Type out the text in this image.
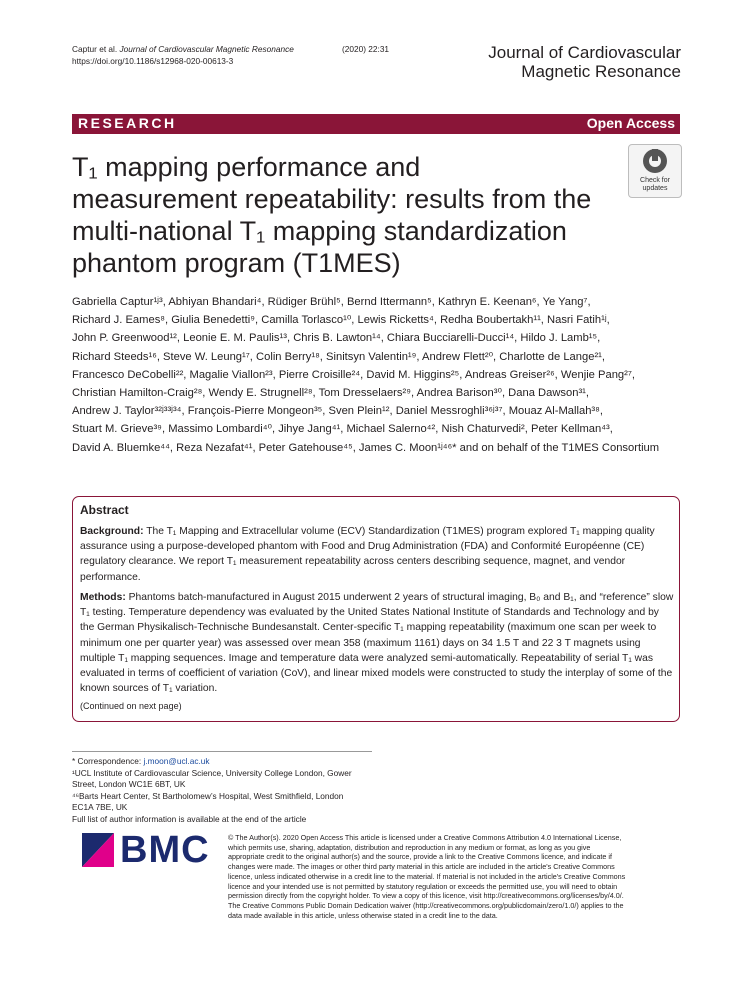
Captur et al. Journal of Cardiovascular Magnetic Resonance	(2020) 22:31
https://doi.org/10.1186/s12968-020-00613-3	Journal of Cardiovascular
Magnetic Resonance
RESEARCH	Open Access
T₁ mapping performance and
measurement repeatability: results from the
multi-national T₁ mapping standardization
phantom program (T1MES)
Check for
updates
Gabriella Captur¹ʲ³, Abhiyan Bhandari⁴, Rüdiger Brühl⁵, Bernd Ittermann⁵, Kathryn E. Keenan⁶, Ye Yang⁷, Richard J. Eames⁸, Giulia Benedetti⁹, Camilla Torlasco¹⁰, Lewis Ricketts⁴, Redha Boubertakh¹¹, Nasri Fatih¹ʲ, John P. Greenwood¹², Leonie E. M. Paulis¹³, Chris B. Lawton¹⁴, Chiara Bucciarelli-Ducci¹⁴, Hildo J. Lamb¹⁵, Richard Steeds¹⁶, Steve W. Leung¹⁷, Colin Berry¹⁸, Sinitsyn Valentin¹⁹, Andrew Flett²⁰, Charlotte de Lange²¹, Francesco DeCobelli²², Magalie Viallon²³, Pierre Croisille²⁴, David M. Higgins²⁵, Andreas Greiser²⁶, Wenjie Pang²⁷, Christian Hamilton-Craig²⁸, Wendy E. Strugnell²⁸, Tom Dresselaers²⁹, Andrea Barison³⁰, Dana Dawson³¹, Andrew J. Taylor³²ʲ³³ʲ³⁴, François-Pierre Mongeon³⁵, Sven Plein¹², Daniel Messroghli³⁶ʲ³⁷, Mouaz Al-Mallah³⁸, Stuart M. Grieve³⁹, Massimo Lombardi⁴⁰, Jihye Jang⁴¹, Michael Salerno⁴², Nish Chaturvedi², Peter Kellman⁴³, David A. Bluemke⁴⁴, Reza Nezafat⁴¹, Peter Gatehouse⁴⁵, James C. Moon¹ʲ⁴⁶* and on behalf of the T1MES Consortium
Abstract
Background: The T₁ Mapping and Extracellular volume (ECV) Standardization (T1MES) program explored T₁ mapping quality assurance using a purpose-developed phantom with Food and Drug Administration (FDA) and Conformité Européenne (CE) regulatory clearance. We report T₁ measurement repeatability across centers describing sequence, magnet, and vendor performance.
Methods: Phantoms batch-manufactured in August 2015 underwent 2 years of structural imaging, B₀ and B₁, and “reference” slow T₁ testing. Temperature dependency was evaluated by the United States National Institute of Standards and Technology and by the German Physikalisch-Technische Bundesanstalt. Center-specific T₁ mapping repeatability (maximum one scan per week to minimum one per quarter year) was assessed over mean 358 (maximum 1161) days on 34 1.5 T and 22 3 T magnets using multiple T₁ mapping sequences. Image and temperature data were analyzed semi-automatically. Repeatability of serial T₁ was evaluated in terms of coefficient of variation (CoV), and linear mixed models were constructed to study the interplay of some of the known sources of T₁ variation.
(Continued on next page)
* Correspondence: j.moon@ucl.ac.uk
¹UCL Institute of Cardiovascular Science, University College London, Gower
Street, London WC1E 6BT, UK
⁴⁶Barts Heart Center, St Bartholomew’s Hospital, West Smithfield, London
EC1A 7BE, UK
Full list of author information is available at the end of the article
BMC	© The Author(s). 2020 Open Access This article is licensed under a Creative Commons Attribution 4.0 International License,
which permits use, sharing, adaptation, distribution and reproduction in any medium or format, as long as you give
appropriate credit to the original author(s) and the source, provide a link to the Creative Commons licence, and indicate if
changes were made. The images or other third party material in this article are included in the article's Creative Commons
licence, unless indicated otherwise in a credit line to the material. If material is not included in the article's Creative Commons
licence and your intended use is not permitted by statutory regulation or exceeds the permitted use, you will need to obtain
permission directly from the copyright holder. To view a copy of this licence, visit http://creativecommons.org/licenses/by/4.0/.
The Creative Commons Public Domain Dedication waiver (http://creativecommons.org/publicdomain/zero/1.0/) applies to the
data made available in this article, unless otherwise stated in a credit line to the data.
